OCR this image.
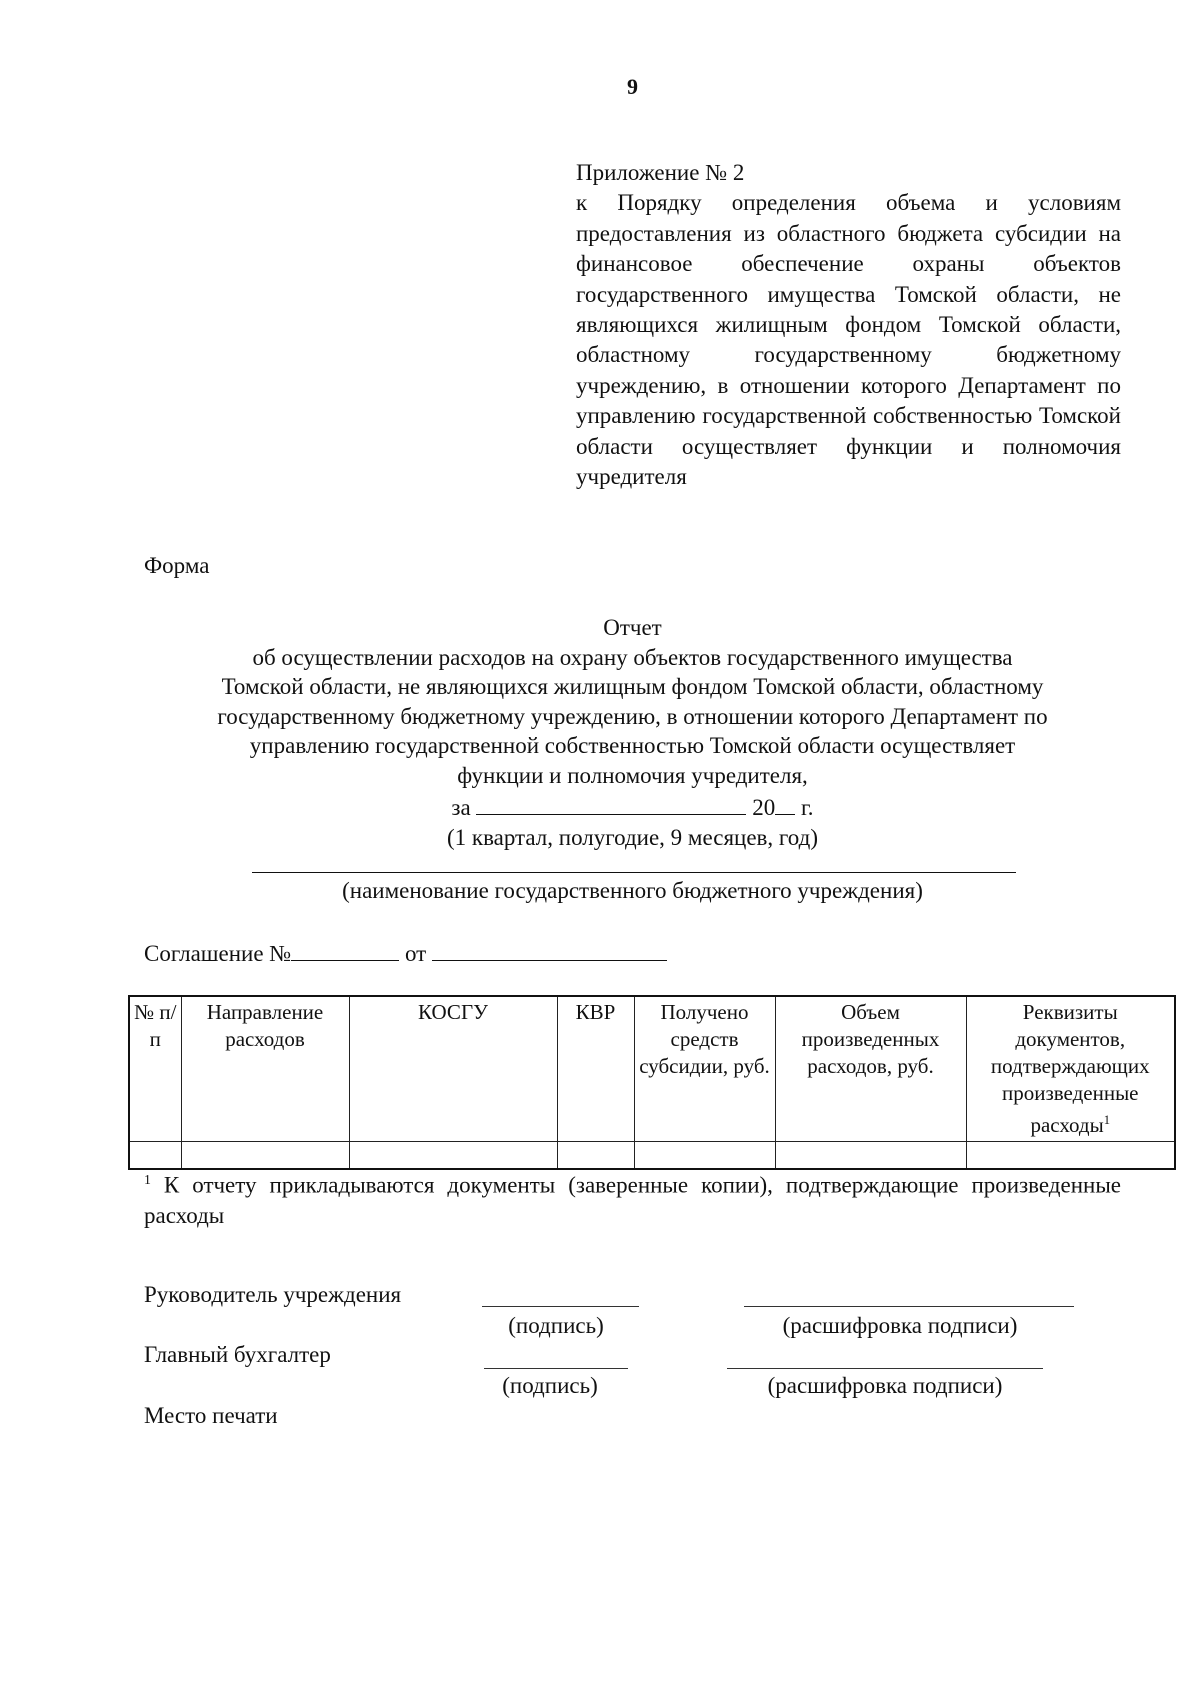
9
Приложение № 2
к Порядку определения объема и условиям предоставления из областного бюджета субсидии на финансовое обеспечение охраны объектов государственного имущества Томской области, не являющихся жилищным фондом Томской области, областному государственному бюджетному учреждению, в отношении которого Департамент по управлению государственной собственностью Томской области осуществляет функции и полномочия учредителя
Форма
Отчет
об осуществлении расходов на охрану объектов государственного имущества
Томской области, не являющихся жилищным фондом Томской области, областному
государственному бюджетному учреждению, в отношении которого Департамент по
управлению государственной собственностью Томской области осуществляет
функции и полномочия учредителя,
за	20 г.
(1 квартал, полугодие, 9 месяцев, год)
(наименование государственного бюджетного учреждения)
Соглашение №	от
№ п/п	Направление расходов	КОСГУ	КВР	Получено средств субсидии, руб.	Объем произведенных расходов, руб.	Реквизиты документов, подтверждающих произведенные расходы$^1$

$^1$ К отчету прикладываются документы (заверенные копии), подтверждающие произведенные расходы
Руководитель учреждения
(подпись)	(расшифровка подписи)
Главный бухгалтер
(подпись)	(расшифровка подписи)
Место печати
